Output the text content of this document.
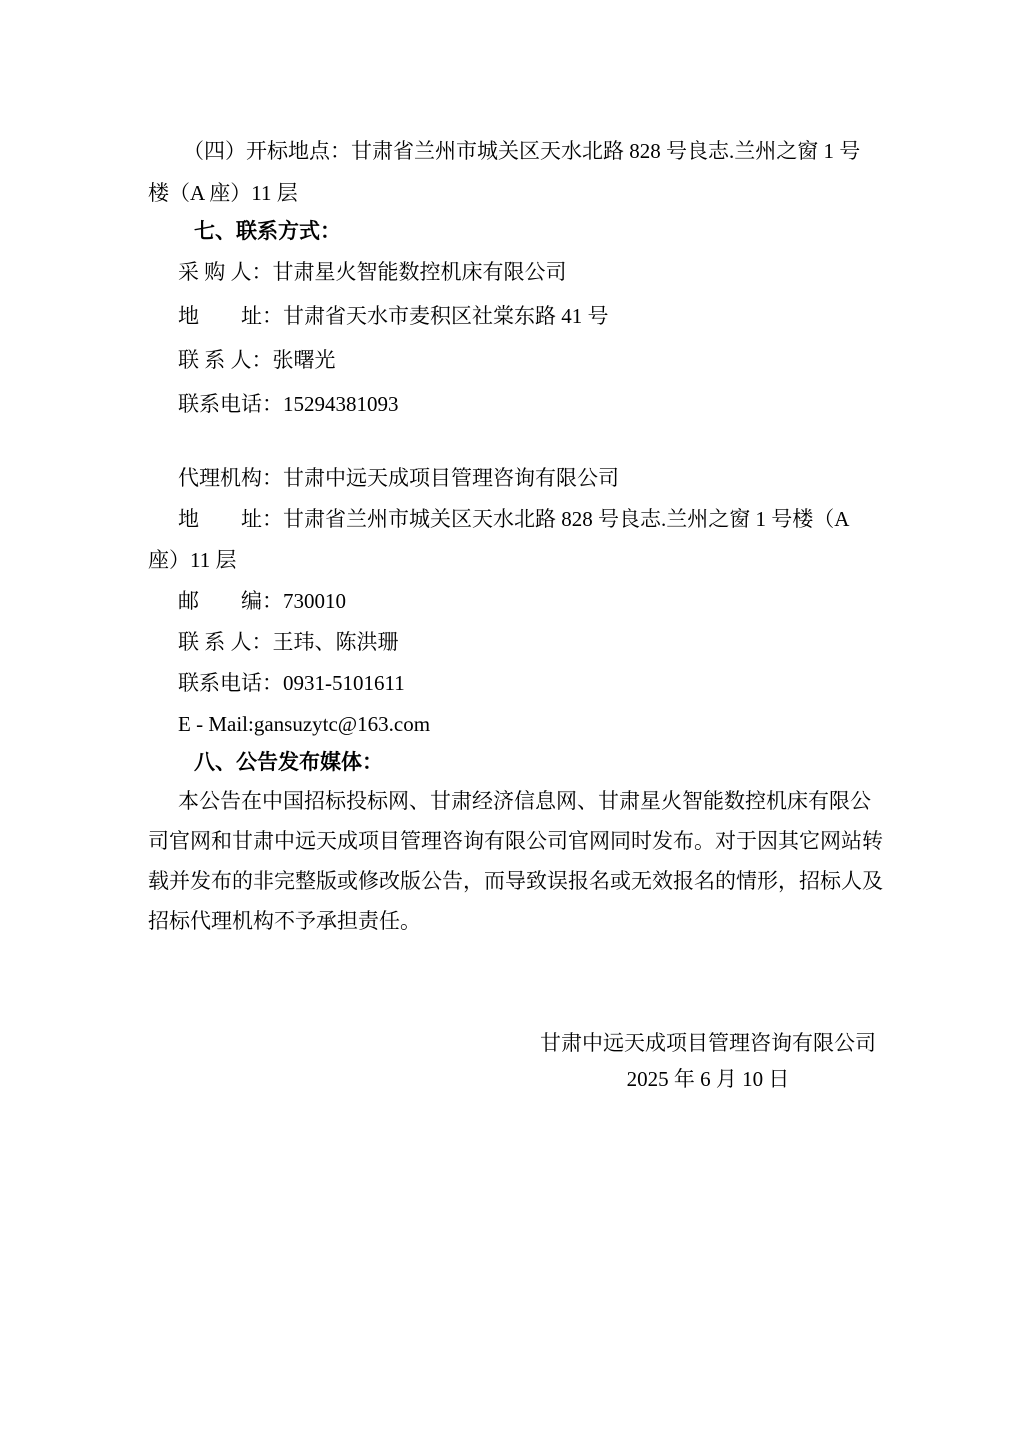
（四）开标地点：甘肃省兰州市城关区天水北路 828 号良志.兰州之窗 1 号
楼（A 座）11 层
七、联系方式：
采 购 人：甘肃星火智能数控机床有限公司
地　　址：甘肃省天水市麦积区社棠东路 41 号
联 系 人：张曙光
联系电话：15294381093
代理机构：甘肃中远天成项目管理咨询有限公司
地　　址：甘肃省兰州市城关区天水北路 828 号良志.兰州之窗 1 号楼（A
座）11 层
邮　　编：730010
联 系 人：王玮、陈洪珊
联系电话：0931-5101611
E - Mail:gansuzytc@163.com
八、公告发布媒体：
本公告在中国招标投标网、甘肃经济信息网、甘肃星火智能数控机床有限公
司官网和甘肃中远天成项目管理咨询有限公司官网同时发布。对于因其它网站转
载并发布的非完整版或修改版公告，而导致误报名或无效报名的情形，招标人及
招标代理机构不予承担责任。
甘肃中远天成项目管理咨询有限公司
2025 年 6 月 10 日
